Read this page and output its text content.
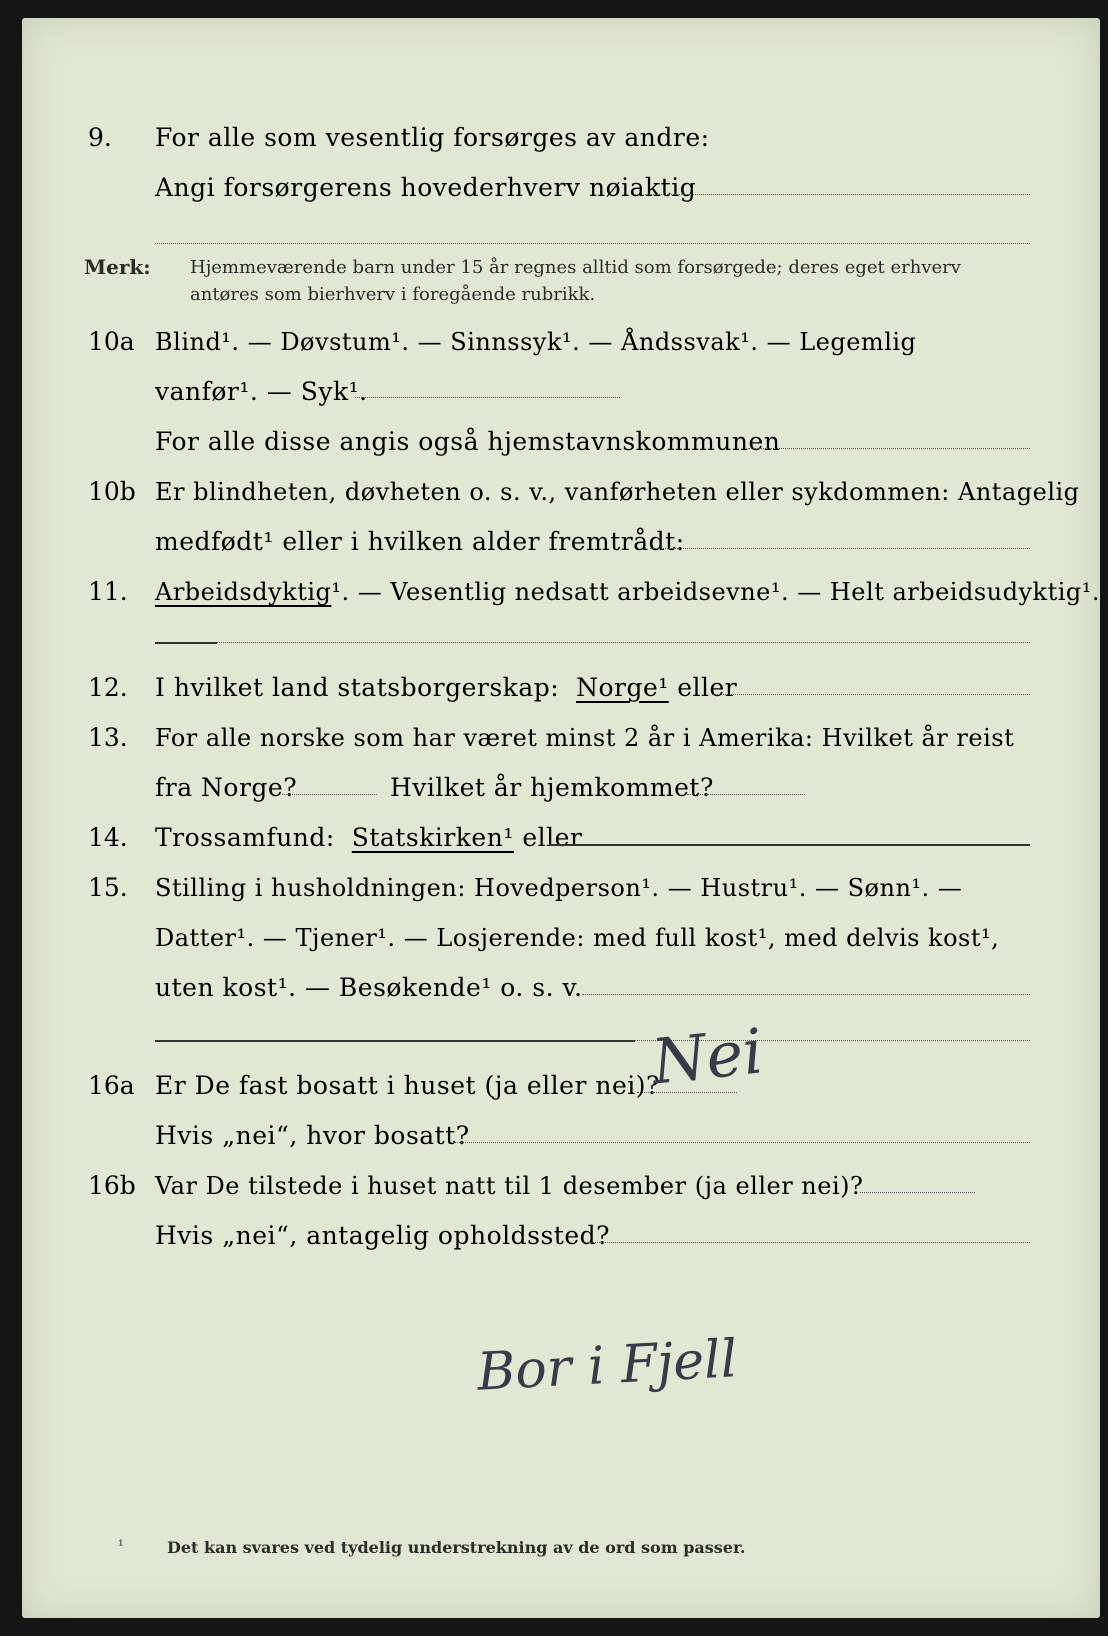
9. For alle som vesentlig forsørges av andre:
Angi forsørgerens hovederhverv nøiaktig
Merk: Hjemmeværende barn under 15 år regnes alltid som forsørgede; deres eget erhverv
antøres som bierhverv i foregående rubrikk.
10a Blind¹. — Døvstum¹. — Sinnssyk¹. — Åndssvak¹. — Legemlig
vanfør¹. — Syk¹.
For alle disse angis også hjemstavnskommunen
10b Er blindheten, døvheten o. s. v., vanførheten eller sykdommen: Antagelig
medfødt¹ eller i hvilken alder fremtrådt:
11. Arbeidsdyktig¹. — Vesentlig nedsatt arbeidsevne¹. — Helt arbeidsudyktig¹.
12. I hvilket land statsborgerskap: Norge¹ eller
13. For alle norske som har været minst 2 år i Amerika: Hvilket år reist
fra Norge?	Hvilket år hjemkommet?
14. Trossamfund: Statskirken¹ eller
15. Stilling i husholdningen: Hovedperson¹. — Hustru¹. — Sønn¹. —
Datter¹. — Tjener¹. — Losjerende: med full kost¹, med delvis kost¹,
uten kost¹. — Besøkende¹ o. s. v.
16a Er De fast bosatt i huset (ja eller nei)?
Nei
Hvis „nei“, hvor bosatt?
16b Var De tilstede i huset natt til 1 desember (ja eller nei)?
Hvis „nei“, antagelig opholdssted?
Bor i Fjell
¹	Det kan svares ved tydelig understrekning av de ord som passer.
